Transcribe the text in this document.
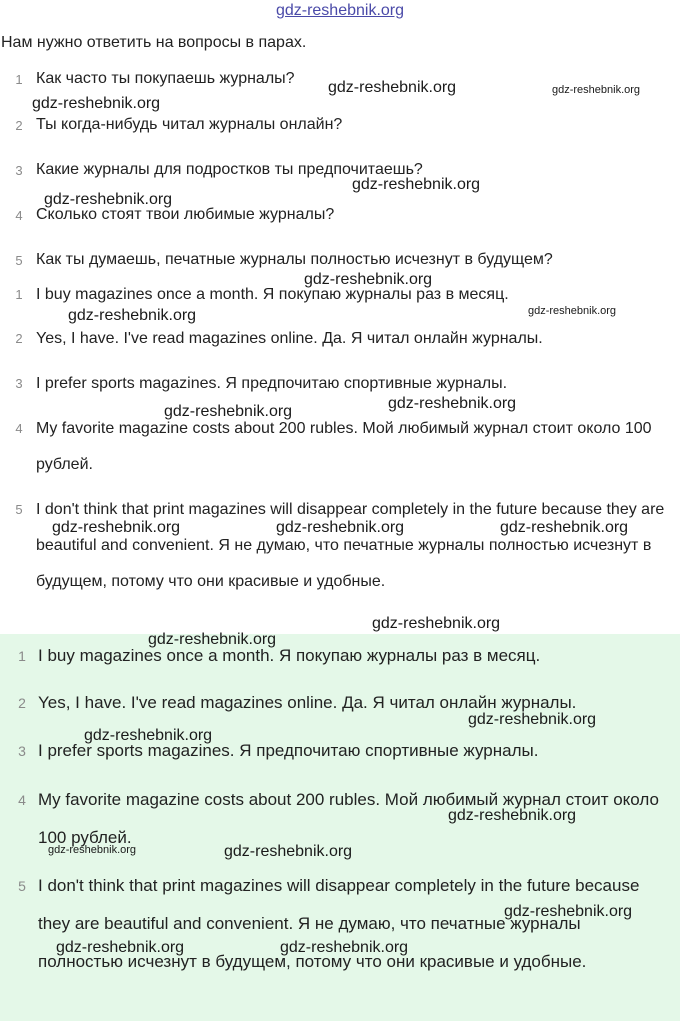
gdz-reshebnik.org
Нам нужно ответить на вопросы в парах.
1 Как часто ты покупаешь журналы?
2 Ты когда-нибудь читал журналы онлайн?
3 Какие журналы для подростков ты предпочитаешь?
4 Сколько стоят твои любимые журналы?
5 Как ты думаешь, печатные журналы полностью исчезнут в будущем?
1 I buy magazines once a month. Я покупаю журналы раз в месяц.
2 Yes, I have. I've read magazines online. Да. Я читал онлайн журналы.
3 I prefer sports magazines. Я предпочитаю спортивные журналы.
4 My favorite magazine costs about 200 rubles. Мой любимый журнал стоит около 100 рублей.
5 I don't think that print magazines will disappear completely in the future because they are beautiful and convenient. Я не думаю, что печатные журналы полностью исчезнут в будущем, потому что они красивые и удобные.
1 I buy magazines once a month. Я покупаю журналы раз в месяц.
2 Yes, I have. I've read magazines online. Да. Я читал онлайн журналы.
3 I prefer sports magazines. Я предпочитаю спортивные журналы.
4 My favorite magazine costs about 200 rubles. Мой любимый журнал стоит около 100 рублей.
5 I don't think that print magazines will disappear completely in the future because they are beautiful and convenient. Я не думаю, что печатные журналы полностью исчезнут в будущем, потому что они красивые и удобные.
gdz-reshebnik.org	gdz-reshebnik.org
gdz-reshebnik.org
gdz-reshebnik.org
gdz-reshebnik.org
gdz-reshebnik.org
gdz-reshebnik.org
gdz-reshebnik.org
gdz-reshebnik.org
gdz-reshebnik.org
gdz-reshebnik.org	gdz-reshebnik.org	gdz-reshebnik.org
gdz-reshebnik.org
gdz-reshebnik.org
gdz-reshebnik.org
gdz-reshebnik.org
gdz-reshebnik.org
gdz-reshebnik.org	gdz-reshebnik.org
gdz-reshebnik.org
gdz-reshebnik.org	gdz-reshebnik.org
